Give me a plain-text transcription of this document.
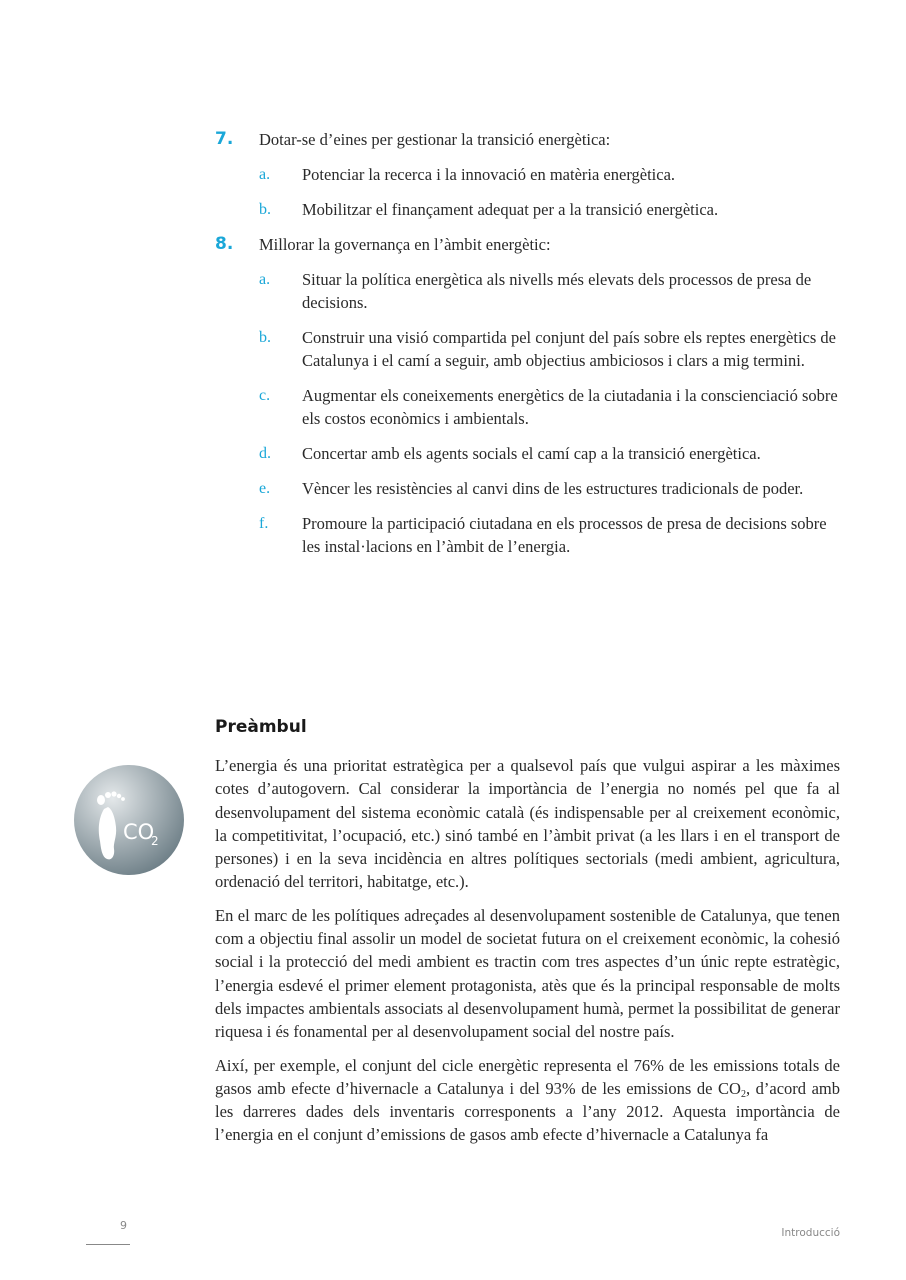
7. Dotar-se d’eines per gestionar la transició energètica:
a. Potenciar la recerca i la innovació en matèria energètica.
b. Mobilitzar el finançament adequat per a la transició energètica.
8. Millorar la governança en l’àmbit energètic:
a. Situar la política energètica als nivells més elevats dels processos de presa de decisions.
b. Construir una visió compartida pel conjunt del país sobre els reptes energètics de Catalunya i el camí a seguir, amb objectius ambiciosos i clars a mig termini.
c. Augmentar els coneixements energètics de la ciutadania i la conscienciació sobre els costos econòmics i ambientals.
d. Concertar amb els agents socials el camí cap a la transició energètica.
e. Vèncer les resistències al canvi dins de les estructures tradicionals de poder.
f. Promoure la participació ciutadana en els processos de presa de decisions sobre les instal·lacions en l’àmbit de l’energia.
CO
2
Preàmbul

L’energia és una prioritat estratègica per a qualsevol país que vulgui aspirar a les màximes cotes d’autogovern. Cal considerar la importància de l’energia no només pel que fa al desenvolupament del sistema econòmic català (és indispensable per al creixement econòmic, la competitivitat, l’ocupació, etc.) sinó també en l’àmbit privat (a les llars i en el transport de persones) i en la seva incidència en altres polítiques sectorials (medi ambient, agricultura, ordenació del territori, habitatge, etc.).

En el marc de les polítiques adreçades al desenvolupament sostenible de Catalunya, que tenen com a objectiu final assolir un model de societat futura on el creixement econòmic, la cohesió social i la protecció del medi ambient es tractin com tres aspectes d’un únic repte estratègic, l’energia esdevé el primer element protagonista, atès que és la principal responsable de molts dels impactes ambientals associats al desenvolupament humà, permet la possibilitat de generar riquesa i és fonamental per al desenvolupament social del nostre país.

Així, per exemple, el conjunt del cicle energètic representa el 76% de les emissions totals de gasos amb efecte d’hivernacle a Catalunya i del 93% de les emissions de $CO_2$, d’acord amb les darreres dades dels inventaris corresponents a l’any 2012. Aquesta importància de l’energia en el conjunt d’emissions de gasos amb efecte d’hivernacle a Catalunya fa

9
Introducció
